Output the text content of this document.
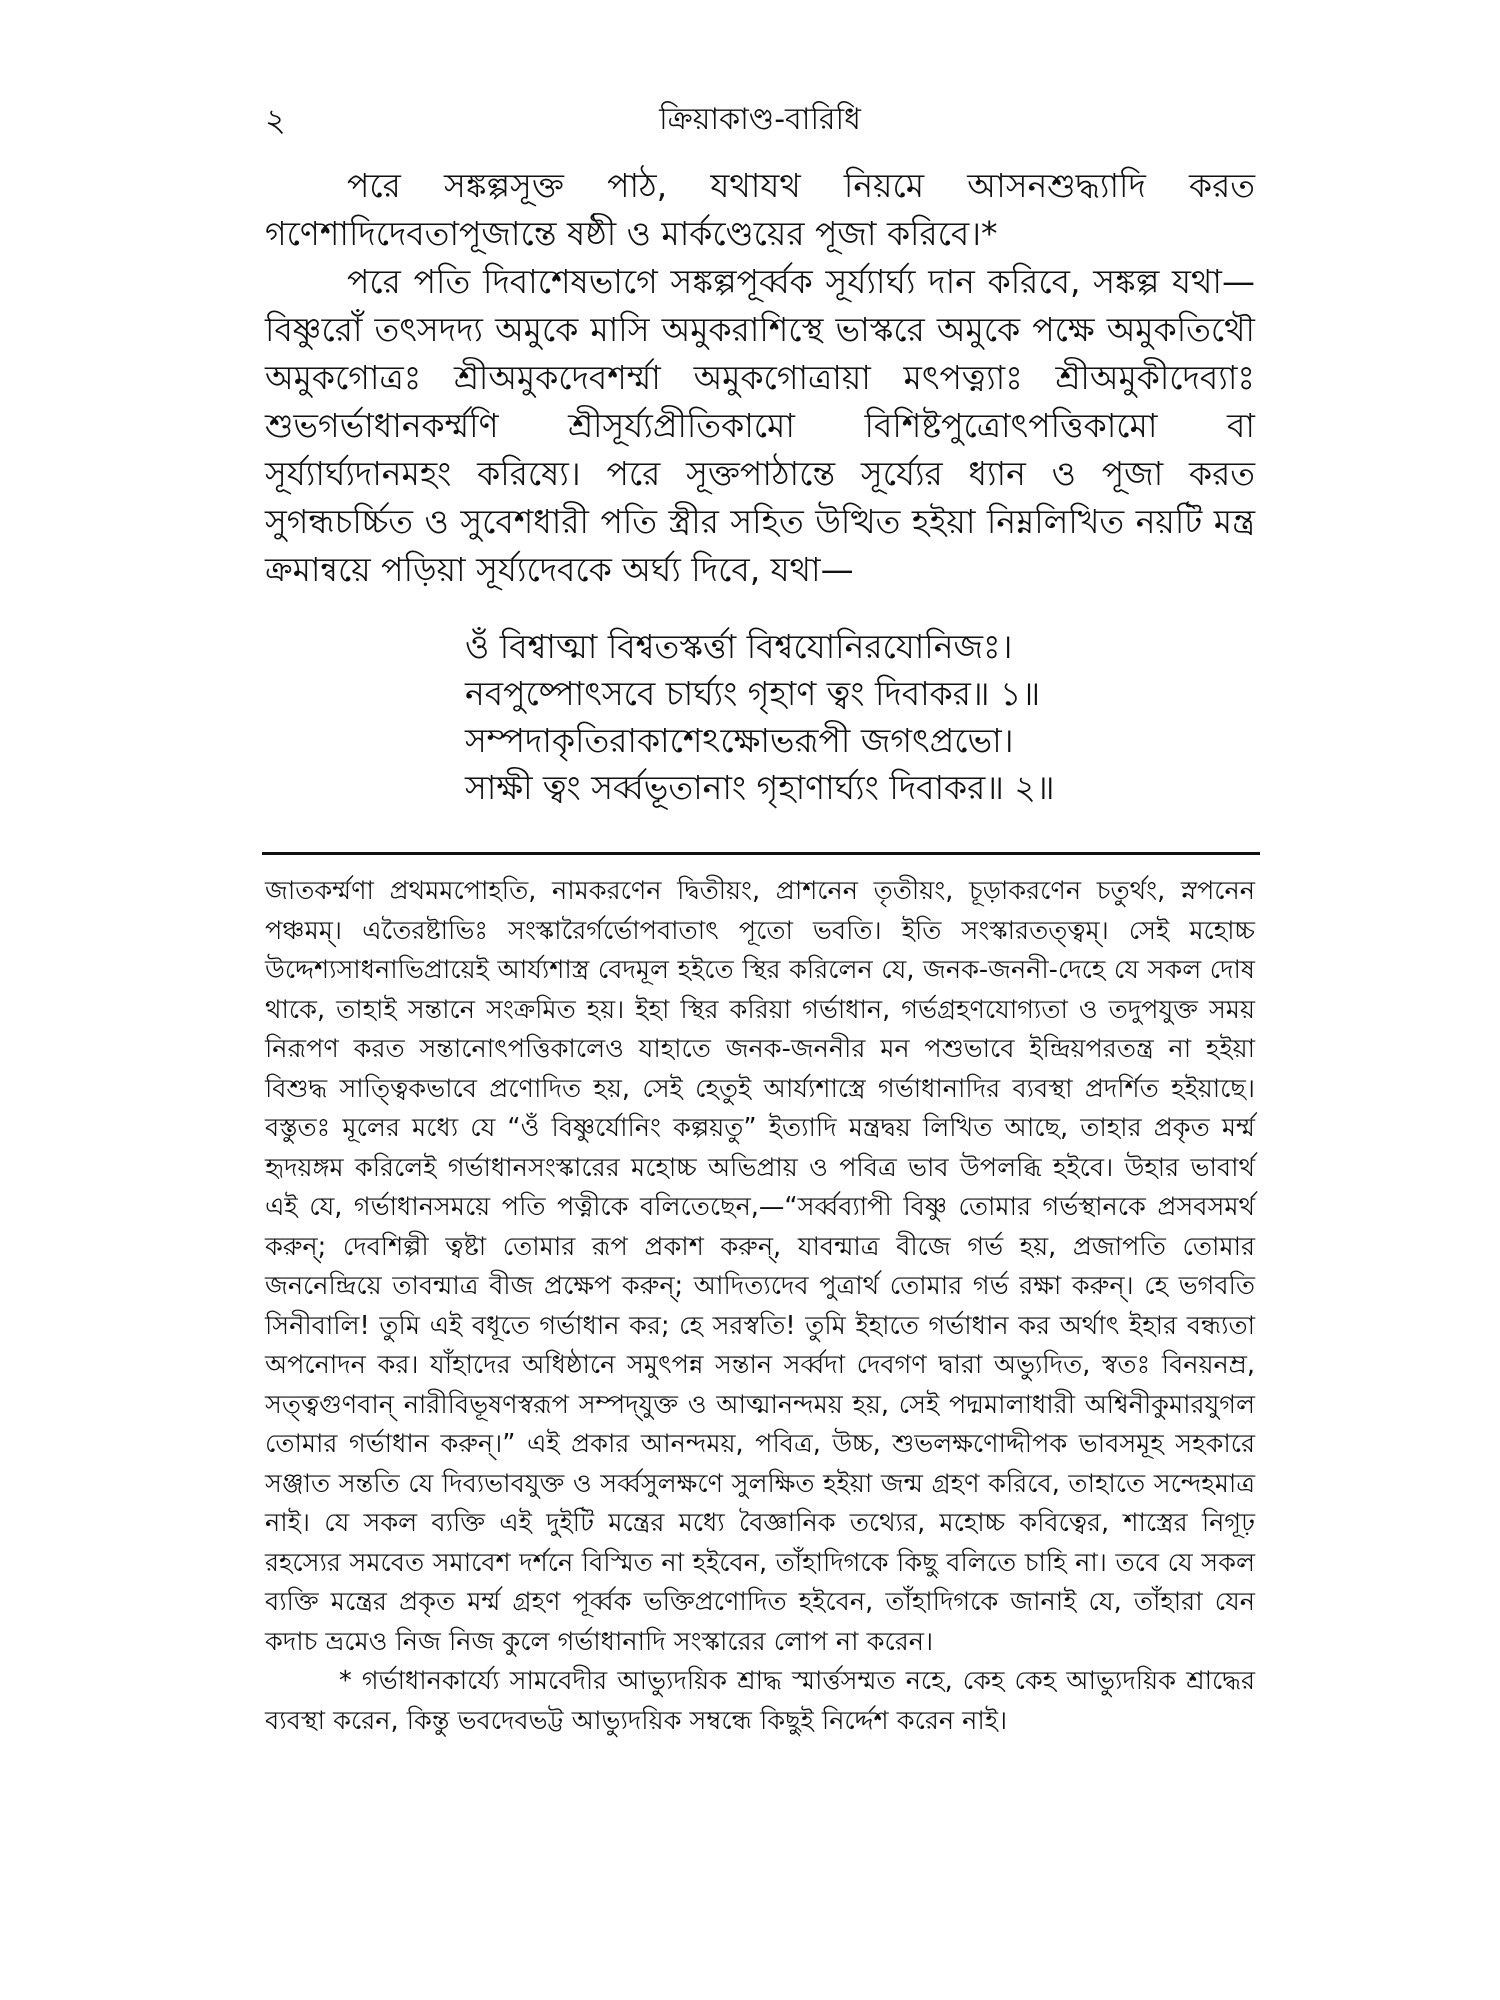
২	ক্রিয়াকাণ্ড-বারিধি

পরে সঙ্কল্পসূক্ত পাঠ, যথাযথ নিয়মে আসনশুদ্ধ্যাদি করত গণেশাদিদেবতাপূজান্তে ষষ্ঠী ও মার্কণ্ডেয়ের পূজা করিবে।*

পরে পতি দিবাশেষভাগে সঙ্কল্পপূর্ব্বক সূর্য্যার্ঘ্য দান করিবে, সঙ্কল্প যথা— বিষ্ণুরোঁ তৎসদদ্য অমুকে মাসি অমুকরাশিস্থে ভাস্করে অমুকে পক্ষে অমুকতিথৌ অমুকগোত্রঃ শ্রীঅমুকদেবশর্ম্মা অমুকগোত্রায়া মৎপত্ন্যাঃ শ্রীঅমুকীদেব্যাঃ শুভগর্ভাধানকর্ম্মণি শ্রীসূর্য্যপ্রীতিকামো বিশিষ্টপুত্রোৎপত্তিকামো বা সূর্য্যার্ঘ্যদানমহং করিষ্যে। পরে সূক্তপাঠান্তে সূর্য্যের ধ্যান ও পূজা করত সুগন্ধচর্চ্চিত ও সুবেশধারী পতি স্ত্রীর সহিত উত্থিত হইয়া নিম্নলিখিত নয়টি মন্ত্র ক্রমান্বয়ে পড়িয়া সূর্য্যদেবকে অর্ঘ্য দিবে, যথা—

ওঁ বিশ্বাত্মা বিশ্বতস্কর্ত্তা বিশ্বযোনিরযোনিজঃ।
নবপুষ্পোৎসবে চার্ঘ্যং গৃহাণ ত্বং দিবাকর॥ ১॥
সম্পদাকৃতিরাকাশেঽক্ষোভরূপী জগৎপ্রভো।
সাক্ষী ত্বং সর্ব্বভূতানাং গৃহাণার্ঘ্যং দিবাকর॥ ২॥

জাতকর্ম্মণা প্রথমমপোহতি, নামকরণেন দ্বিতীয়ং, প্রাশনেন তৃতীয়ং, চূড়াকরণেন চতুর্থং, স্নপনেন পঞ্চমম্। এতৈরষ্টাভিঃ সংস্কারৈর্গর্ভোপবাতাৎ পূতো ভবতি। ইতি সংস্কারতত্ত্বম্। সেই মহোচ্চ উদ্দেশ্যসাধনাভিপ্রায়েই আর্য্যশাস্ত্র বেদমূল হইতে স্থির করিলেন যে, জনক-জননী-দেহে যে সকল দোষ থাকে, তাহাই সন্তানে সংক্রমিত হয়। ইহা স্থির করিয়া গর্ভাধান, গর্ভগ্রহণযোগ্যতা ও তদুপযুক্ত সময় নিরূপণ করত সন্তানোৎপত্তিকালেও যাহাতে জনক-জননীর মন পশুভাবে ইন্দ্রিয়পরতন্ত্র না হইয়া বিশুদ্ধ সাত্ত্বিকভাবে প্রণোদিত হয়, সেই হেতুই আর্য্যশাস্ত্রে গর্ভাধানাদির ব্যবস্থা প্রদর্শিত হইয়াছে। বস্তুতঃ মূলের মধ্যে যে “ওঁ বিষ্ণুর্যোনিং কল্পয়তু” ইত্যাদি মন্ত্রদ্বয় লিখিত আছে, তাহার প্রকৃত মর্ম্ম হৃদয়ঙ্গম করিলেই গর্ভাধানসংস্কারের মহোচ্চ অভিপ্রায় ও পবিত্র ভাব উপলব্ধি হইবে। উহার ভাবার্থ এই যে, গর্ভাধানসময়ে পতি পত্নীকে বলিতেছেন,—“সর্ব্বব্যাপী বিষ্ণু তোমার গর্ভস্থানকে প্রসবসমর্থ করুন্; দেবশিল্পী ত্বষ্টা তোমার রূপ প্রকাশ করুন্, যাবন্মাত্র বীজে গর্ভ হয়, প্রজাপতি তোমার জননেন্দ্রিয়ে তাবন্মাত্র বীজ প্রক্ষেপ করুন্; আদিত্যদেব পুত্রার্থ তোমার গর্ভ রক্ষা করুন্। হে ভগবতি সিনীবালি! তুমি এই বধূতে গর্ভাধান কর; হে সরস্বতি! তুমি ইহাতে গর্ভাধান কর অর্থাৎ ইহার বন্ধ্যতা অপনোদন কর। যাঁহাদের অধিষ্ঠানে সমুৎপন্ন সন্তান সর্ব্বদা দেবগণ দ্বারা অভ্যুদিত, স্বতঃ বিনয়নম্র, সত্ত্বগুণবান্ নারীবিভূষণস্বরূপ সম্পদ্‌যুক্ত ও আত্মানন্দময় হয়, সেই পদ্মমালাধারী অশ্বিনীকুমারযুগল তোমার গর্ভাধান করুন্।” এই প্রকার আনন্দময়, পবিত্র, উচ্চ, শুভলক্ষণোদ্দীপক ভাবসমূহ সহকারে সঞ্জাত সন্ততি যে দিব্যভাবযুক্ত ও সর্ব্বসুলক্ষণে সুলক্ষিত হইয়া জন্ম গ্রহণ করিবে, তাহাতে সন্দেহমাত্র নাই। যে সকল ব্যক্তি এই দুইটি মন্ত্রের মধ্যে বৈজ্ঞানিক তথ্যের, মহোচ্চ কবিত্বের, শাস্ত্রের নিগূঢ় রহস্যের সমবেত সমাবেশ দর্শনে বিস্মিত না হইবেন, তাঁহাদিগকে কিছু বলিতে চাহি না। তবে যে সকল ব্যক্তি মন্ত্রের প্রকৃত মর্ম্ম গ্রহণ পূর্ব্বক ভক্তিপ্রণোদিত হইবেন, তাঁহাদিগকে জানাই যে, তাঁহারা যেন কদাচ ভ্রমেও নিজ নিজ কুলে গর্ভাধানাদি সংস্কারের লোপ না করেন।

* গর্ভাধানকার্য্যে সামবেদীর আভ্যুদয়িক শ্রাদ্ধ স্মার্ত্তসম্মত নহে, কেহ কেহ আভ্যুদয়িক শ্রাদ্ধের ব্যবস্থা করেন, কিন্তু ভবদেবভট্ট আভ্যুদয়িক সম্বন্ধে কিছুই নির্দ্দেশ করেন নাই।
